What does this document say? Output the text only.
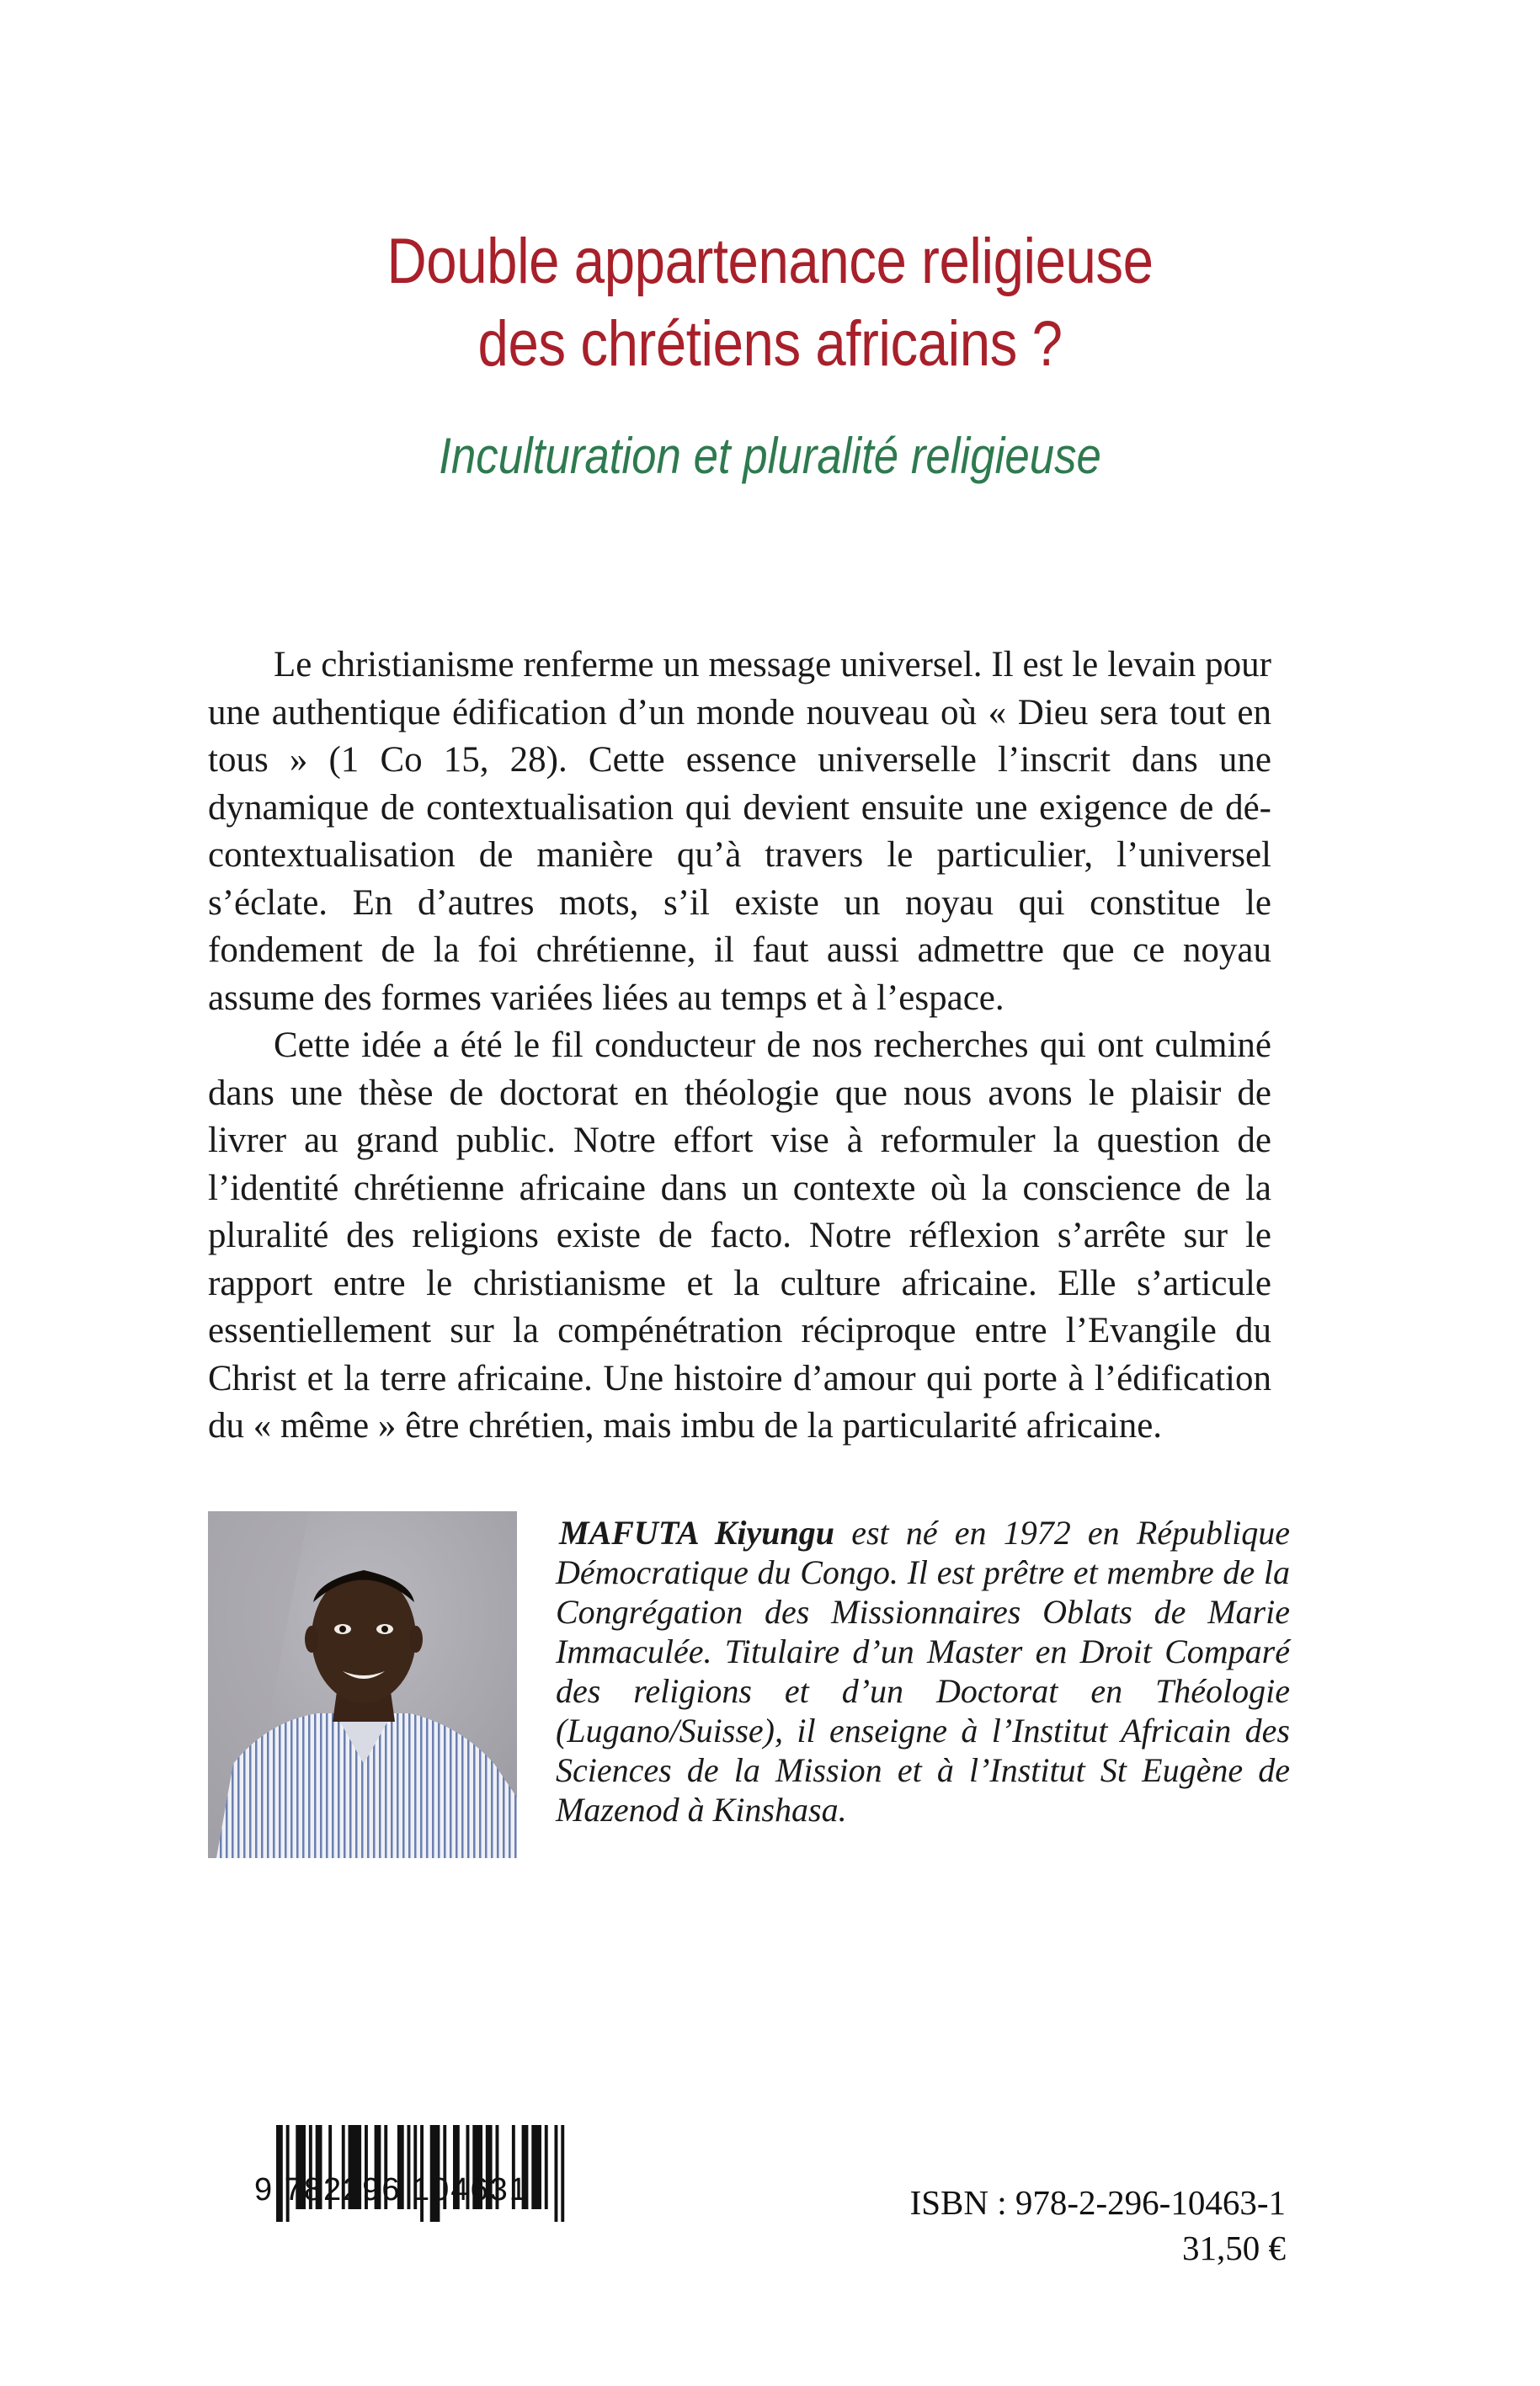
Double appartenance religieuse
des chrétiens africains ?
Inculturation et pluralité religieuse

Le christianisme renferme un message universel. Il est le levain pour une authentique édification d’un monde nouveau où « Dieu sera tout en tous » (1 Co 15, 28). Cette essence universelle l’inscrit dans une dynamique de contextualisation qui devient ensuite une exigence de dé-contextualisation de manière qu’à travers le particulier, l’universel s’éclate. En d’autres mots, s’il existe un noyau qui constitue le fondement de la foi chrétienne, il faut aussi admettre que ce noyau assume des formes variées liées au temps et à l’espace.

Cette idée a été le fil conducteur de nos recherches qui ont culminé dans une thèse de doctorat en théologie que nous avons le plaisir de livrer au grand public. Notre effort vise à reformuler la question de l’identité chrétienne africaine dans un contexte où la conscience de la pluralité des religions existe de facto. Notre réflexion s’arrête sur le rapport entre le christianisme et la culture africaine. Elle s’articule essentiellement sur la compénétration réciproque entre l’Evangile du Christ et la terre africaine. Une histoire d’amour qui porte à l’édification du « même » être chrétien, mais imbu de la particularité africaine.

MAFUTA Kiyungu est né en 1972 en République Démocratique du Congo. Il est prêtre et membre de la Congrégation des Missionnaires Oblats de Marie Immaculée. Titulaire d’un Master en Droit Comparé des religions et d’un Doctorat en Théologie (Lugano/Suisse), il enseigne à l’Institut Africain des Sciences de la Mission et à l’Institut St Eugène de Mazenod à Kinshasa.

9 782296 104631	ISBN : 978-2-296-10463-1
31,50 €
